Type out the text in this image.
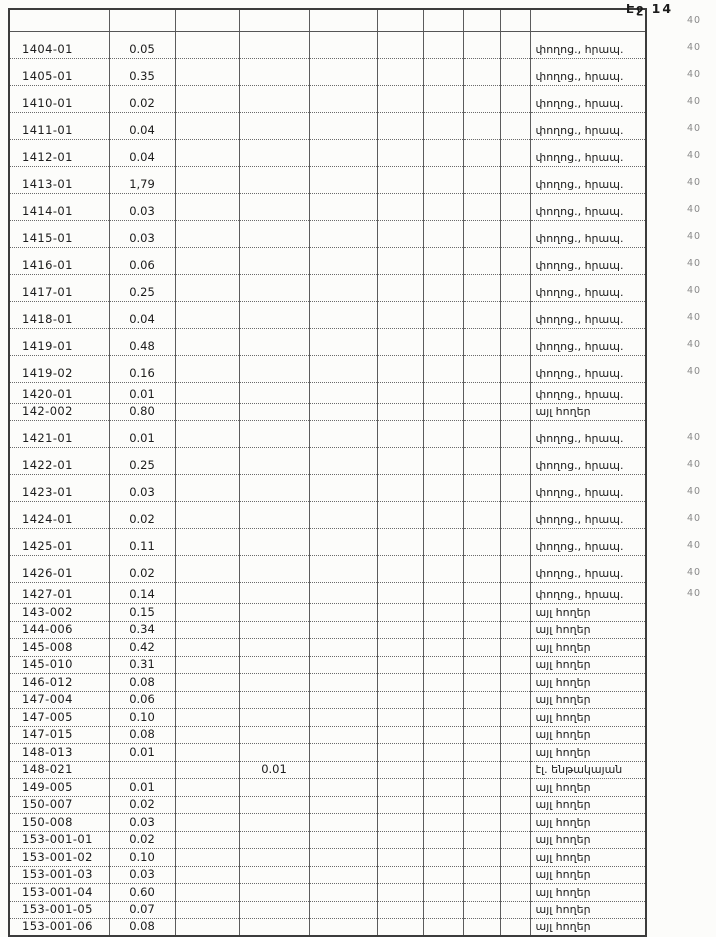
Էջ 14

1404-01	0.05								փողոց., հրապ.
1405-01	0.35								փողոց., հրապ.
1410-01	0.02								փողոց., հրապ.
1411-01	0.04								փողոց., հրապ.
1412-01	0.04								փողոց., հրապ.
1413-01	1,79								փողոց., հրապ.
1414-01	0.03								փողոց., հրապ.
1415-01	0.03								փողոց., հրապ.
1416-01	0.06								փողոց., հրապ.
1417-01	0.25								փողոց., հրապ.
1418-01	0.04								փողոց., հրապ.
1419-01	0.48								փողոց., հրապ.
1419-02	0.16								փողոց., հրապ.
1420-01	0.01								փողոց., հրապ.
142-002	0.80								այլ հողեր
1421-01	0.01								փողոց., հրապ.
1422-01	0.25								փողոց., հրապ.
1423-01	0.03								փողոց., հրապ.
1424-01	0.02								փողոց., հրապ.
1425-01	0.11								փողոց., հրապ.
1426-01	0.02								փողոց., հրապ.
1427-01	0.14								փողոց., հրապ.
143-002	0.15								այլ հողեր
144-006	0.34								այլ հողեր
145-008	0.42								այլ հողեր
145-010	0.31								այլ հողեր
146-012	0.08								այլ հողեր
147-004	0.06								այլ հողեր
147-005	0.10								այլ հողեր
147-015	0.08								այլ հողեր
148-013	0.01								այլ հողեր
148-021			0.01						էլ. ենթակայան
149-005	0.01								այլ հողեր
150-007	0.02								այլ հողեր
150-008	0.03								այլ հողեր
153-001-01	0.02								այլ հողեր
153-001-02	0.10								այլ հողեր
153-001-03	0.03								այլ հողեր
153-001-04	0.60								այլ հողեր
153-001-05	0.07								այլ հողեր
153-001-06	0.08								այլ հողեր
40
40
40
40
40
40
40
40
40
40
40
40
40
40
40
40
40
40
40
40
40
